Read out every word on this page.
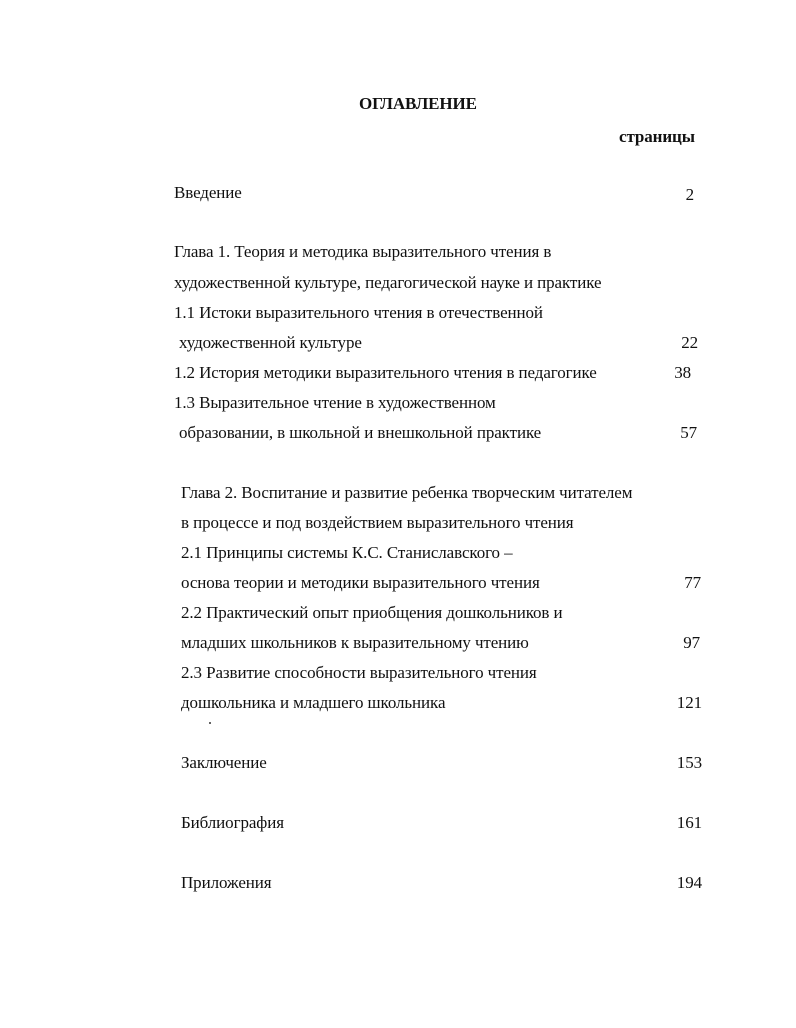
ОГЛАВЛЕНИЕ
страницы
Введение	2
Глава 1. Теория и методика выразительного чтения в
художественной культуре, педагогической науке и практике
1.1 Истоки выразительного чтения в отечественной
художественной культуре	22
1.2 История методики выразительного чтения в педагогике	38
1.3 Выразительное чтение в художественном
образовании, в школьной и внешкольной практике	57
Глава 2. Воспитание и развитие ребенка творческим читателем
в процессе и под воздействием выразительного чтения
2.1 Принципы системы К.С. Станиславского –
основа теории и методики выразительного чтения	77
2.2 Практический опыт приобщения дошкольников и
младших школьников к выразительному чтению	97
2.3 Развитие способности выразительного чтения
дошкольника и младшего школьника	121
Заключение	153
Библиография	161
Приложения	194
